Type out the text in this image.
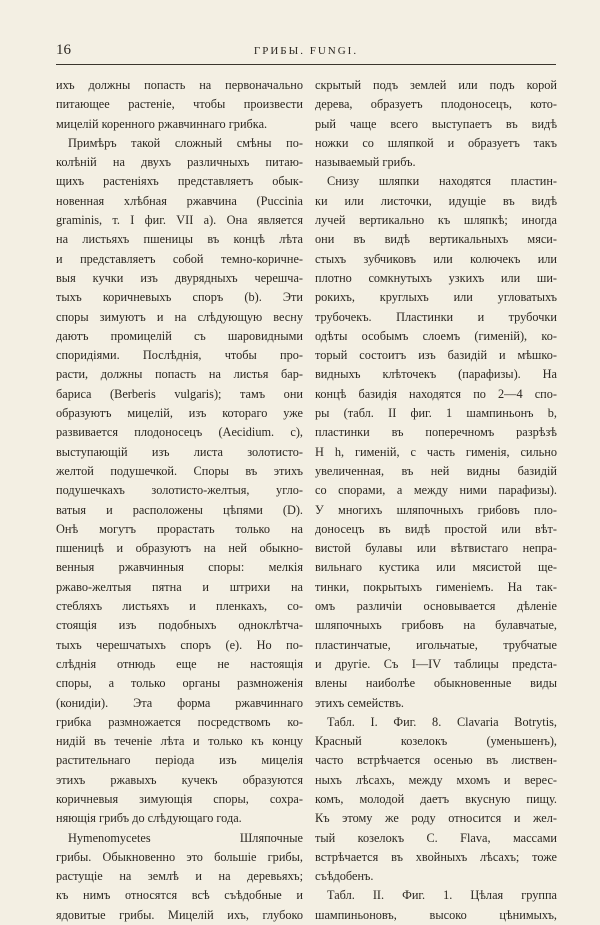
16	ГРИБЫ. FUNGI.
ихъ должны попасть на первоначально
питающее растеніе, чтобы произвести
мицелій коренного ржавчиннаго грибка.
Примѣръ такой сложный смѣны по-
колѣній на двухъ различныхъ питаю-
щихъ растеніяхъ представляетъ обык-
новенная хлѣбная ржавчина (Puccinia
graminis, т. I фиг. VII а). Она является
на листьяхъ пшеницы въ концѣ лѣта
и представляетъ собой темно-коричне-
выя кучки изъ двурядныхъ черешча-
тыхъ коричневыхъ споръ (b). Эти
споры зимуютъ и на слѣдующую весну
даютъ промицелій съ шаровидными
споридіями. Послѣднія, чтобы про-
расти, должны попасть на листья бар-
бариса (Berberis vulgaris); тамъ они
образуютъ мицелій, изъ котораго уже
развивается плодоносецъ (Aecidium. c),
выступающій изъ листа золотисто-
желтой подушечкой. Споры въ этихъ
подушечкахъ золотисто-желтыя, угло-
ватыя и расположены цѣпями (D).
Онѣ могутъ прорастать только на
пшеницѣ и образуютъ на ней обыкно-
венныя ржавчинныя споры: мелкія
ржаво-желтыя пятна и штрихи на
стебляхъ листьяхъ и пленкахъ, со-
стоящія изъ подобныхъ одноклѣтча-
тыхъ черешчатыхъ споръ (е). Но по-
слѣднія отнюдь еще не настоящія
споры, а только органы размноженія
(конидіи). Эта форма ржавчиннаго
грибка размножается посредствомъ ко-
нидій въ теченіе лѣта и только къ концу
растительнаго періода изъ мицелія
этихъ ржавыхъ кучекъ образуются
коричневыя зимующія споры, сохра-
няющія грибъ до слѣдующаго года.
Hymenomycetes Шляпочные
грибы. Обыкновенно это большіе грибы,
растущіе на землѣ и на деревьяхъ;
къ нимъ относятся всѣ съѣдобные и
ядовитые грибы. Мицелій ихъ, глубоко
скрытый подъ землей или подъ корой
дерева, образуетъ плодоносецъ, кото-
рый чаще всего выступаетъ въ видѣ
ножки со шляпкой и образуетъ такъ
называемый грибъ.
Снизу шляпки находятся пластин-
ки или листочки, идущіе въ видѣ
лучей вертикально къ шляпкѣ; иногда
они въ видѣ вертикальныхъ мяси-
стыхъ зубчиковъ или колючекъ или
плотно сомкнутыхъ узкихъ или ши-
рокихъ, круглыхъ или угловатыхъ
трубочекъ. Пластинки и трубочки
одѣты особымъ слоемъ (гименій), ко-
торый состоитъ изъ базидій и мѣшко-
видныхъ клѣточекъ (парафизы). На
концѣ базидія находятся по 2—4 спо-
ры (табл. II фиг. 1 шампиньонъ b,
пластинки въ поперечномъ разрѣзѣ
H h, гименій, с часть гименія, сильно
увеличенная, въ ней видны базидій
со спорами, а между ними парафизы).
У многихъ шляпочныхъ грибовъ пло-
доносецъ въ видѣ простой или вѣт-
вистой булавы или вѣтвистаго непра-
вильнаго кустика или мясистой ще-
тинки, покрытыхъ гименіемъ. На так-
омъ различіи основывается дѣленіе
шляпочныхъ грибовъ на булавчатые,
пластинчатые, игольчатые, трубчатые
и другіе. Съ I—IV таблицы предста-
влены наиболѣе обыкновенные виды
этихъ семействъ.
Табл. I. Фиг. 8. Clavaria Botrytis,
Красный козелокъ (уменьшенъ),
часто встрѣчается осенью въ листвен-
ныхъ лѣсахъ, между мхомъ и верес-
комъ, молодой даетъ вкусную пищу.
Къ этому же роду относится и жел-
тый козелокъ C. Flava, массами
встрѣчается въ хвойныхъ лѣсахъ; тоже
съѣдобенъ.
Табл. II. Фиг. 1. Цѣлая группа
шампиньоновъ, высоко цѣнимыхъ,
